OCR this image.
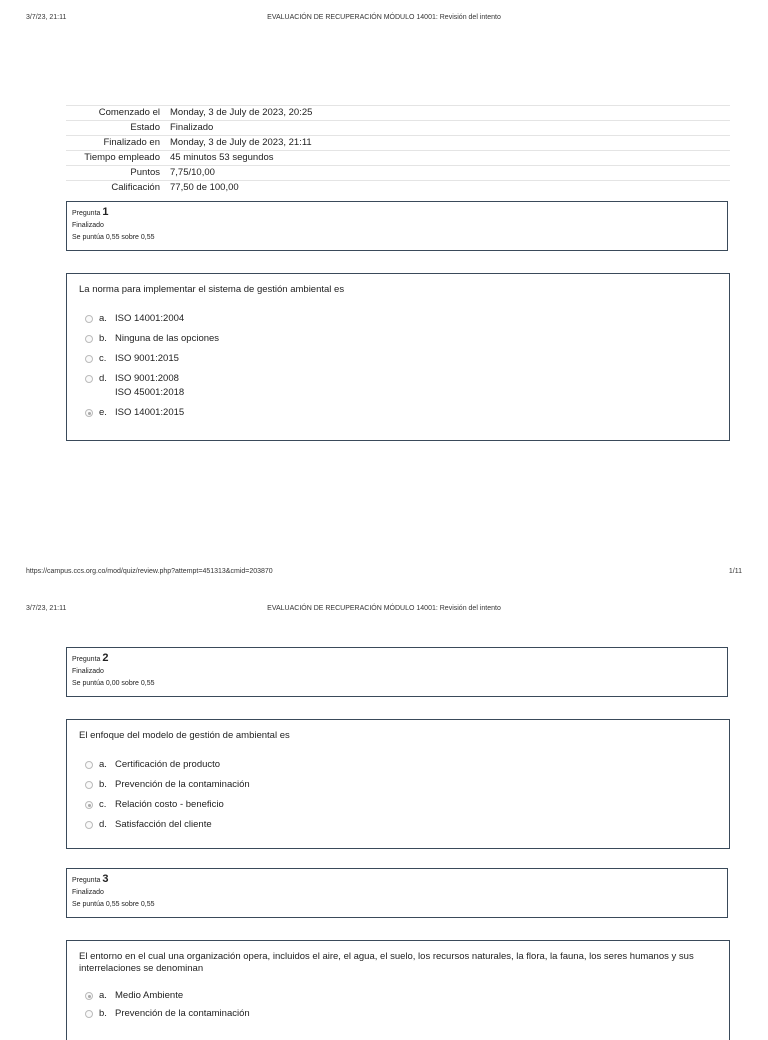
3/7/23, 21:11	EVALUACIÓN DE RECUPERACIÓN MÓDULO 14001: Revisión del intento
Comenzado el	Monday, 3 de July de 2023, 20:25
Estado	Finalizado
Finalizado en	Monday, 3 de July de 2023, 21:11
Tiempo empleado	45 minutos 53 segundos
Puntos	7,75/10,00
Calificación	77,50 de 100,00
Pregunta 1
Finalizado
Se puntúa 0,55 sobre 0,55
La norma para implementar el sistema de gestión ambiental es
a. ISO 14001:2004
b. Ninguna de las opciones
c. ISO 9001:2015
d. ISO 9001:2008
ISO 45001:2018
e. ISO 14001:2015
https://campus.ccs.org.co/mod/quiz/review.php?attempt=451313&cmid=203870	1/11
3/7/23, 21:11	EVALUACIÓN DE RECUPERACIÓN MÓDULO 14001: Revisión del intento
Pregunta 2
Finalizado
Se puntúa 0,00 sobre 0,55
El enfoque del modelo de gestión de ambiental es
a. Certificación de producto
b. Prevención de la contaminación
c. Relación costo - beneficio
d. Satisfacción del cliente
Pregunta 3
Finalizado
Se puntúa 0,55 sobre 0,55
El entorno en el cual una organización opera, incluidos el aire, el agua, el suelo, los recursos naturales, la flora, la fauna, los seres humanos y sus interrelaciones se denominan
a. Medio Ambiente
b. Prevención de la contaminación
